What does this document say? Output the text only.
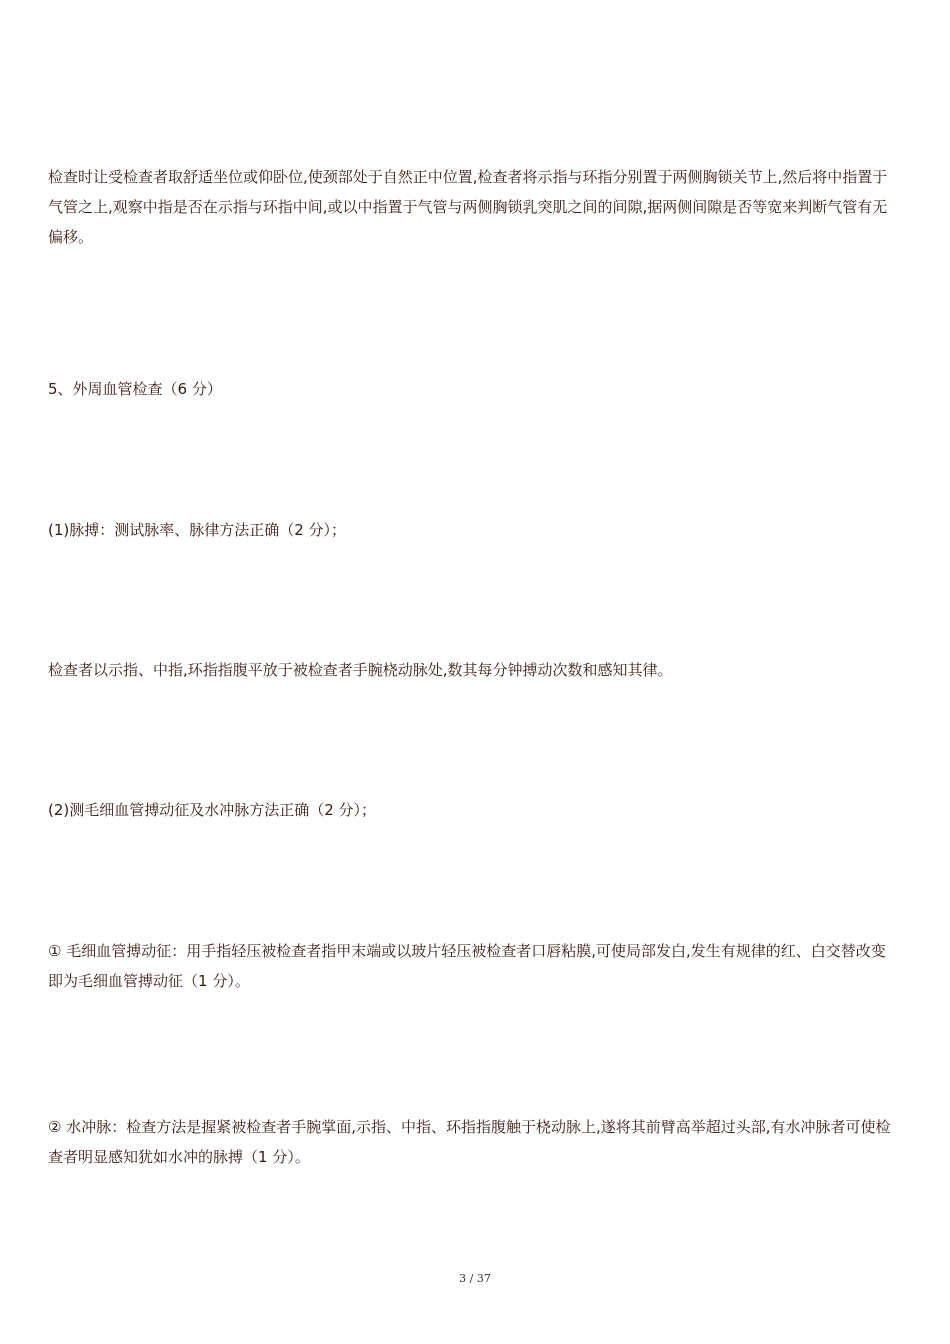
检查时让受检查者取舒适坐位或仰卧位,使颈部处于自然正中位置,检查者将示指与环指分别置于两侧胸锁关节上,然后将中指置于气管之上,观察中指是否在示指与环指中间,或以中指置于气管与两侧胸锁乳突肌之间的间隙,据两侧间隙是否等宽来判断气管有无偏移。

5、外周血管检查（6 分）

(1)脉搏：测试脉率、脉律方法正确（2 分）；

检查者以示指、中指,环指指腹平放于被检查者手腕桡动脉处,数其每分钟搏动次数和感知其律。

(2)测毛细血管搏动征及水冲脉方法正确（2 分）；

① 毛细血管搏动征：用手指轻压被检查者指甲末端或以玻片轻压被检查者口唇粘膜,可使局部发白,发生有规律的红、白交替改变即为毛细血管搏动征（1 分）。

② 水冲脉：检查方法是握紧被检查者手腕掌面,示指、中指、环指指腹触于桡动脉上,遂将其前臂高举超过头部,有水冲脉者可使检查者明显感知犹如水冲的脉搏（1 分）。

3 / 37
